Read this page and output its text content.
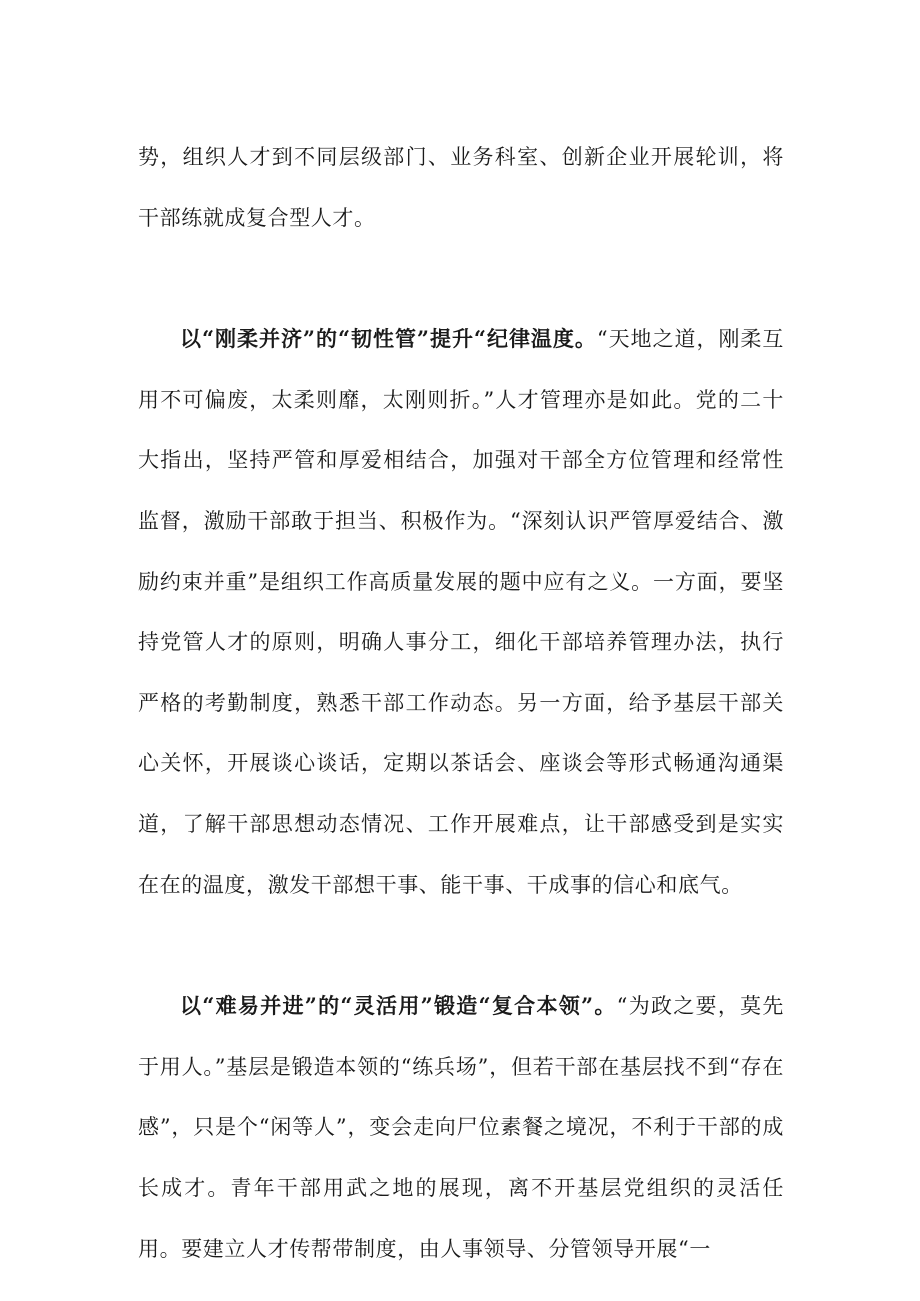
势，组织人才到不同层级部门、业务科室、创新企业开展轮训，将干部练就成复合型人才。

以“刚柔并济”的“韧性管”提升“纪律温度。“天地之道，刚柔互用不可偏废，太柔则靡，太刚则折。”人才管理亦是如此。党的二十大指出，坚持严管和厚爱相结合，加强对干部全方位管理和经常性监督，激励干部敢于担当、积极作为。“深刻认识严管厚爱结合、激励约束并重”是组织工作高质量发展的题中应有之义。一方面，要坚持党管人才的原则，明确人事分工，细化干部培养管理办法，执行严格的考勤制度，熟悉干部工作动态。另一方面，给予基层干部关心关怀，开展谈心谈话，定期以茶话会、座谈会等形式畅通沟通渠道，了解干部思想动态情况、工作开展难点，让干部感受到是实实在在的温度，激发干部想干事、能干事、干成事的信心和底气。

以“难易并进”的“灵活用”锻造“复合本领”。“为政之要，莫先于用人。”基层是锻造本领的“练兵场”，但若干部在基层找不到“存在感”，只是个“闲等人”，变会走向尸位素餐之境况，不利于干部的成长成才。青年干部用武之地的展现，离不开基层党组织的灵活任用。要建立人才传帮带制度，由人事领导、分管领导开展“一
